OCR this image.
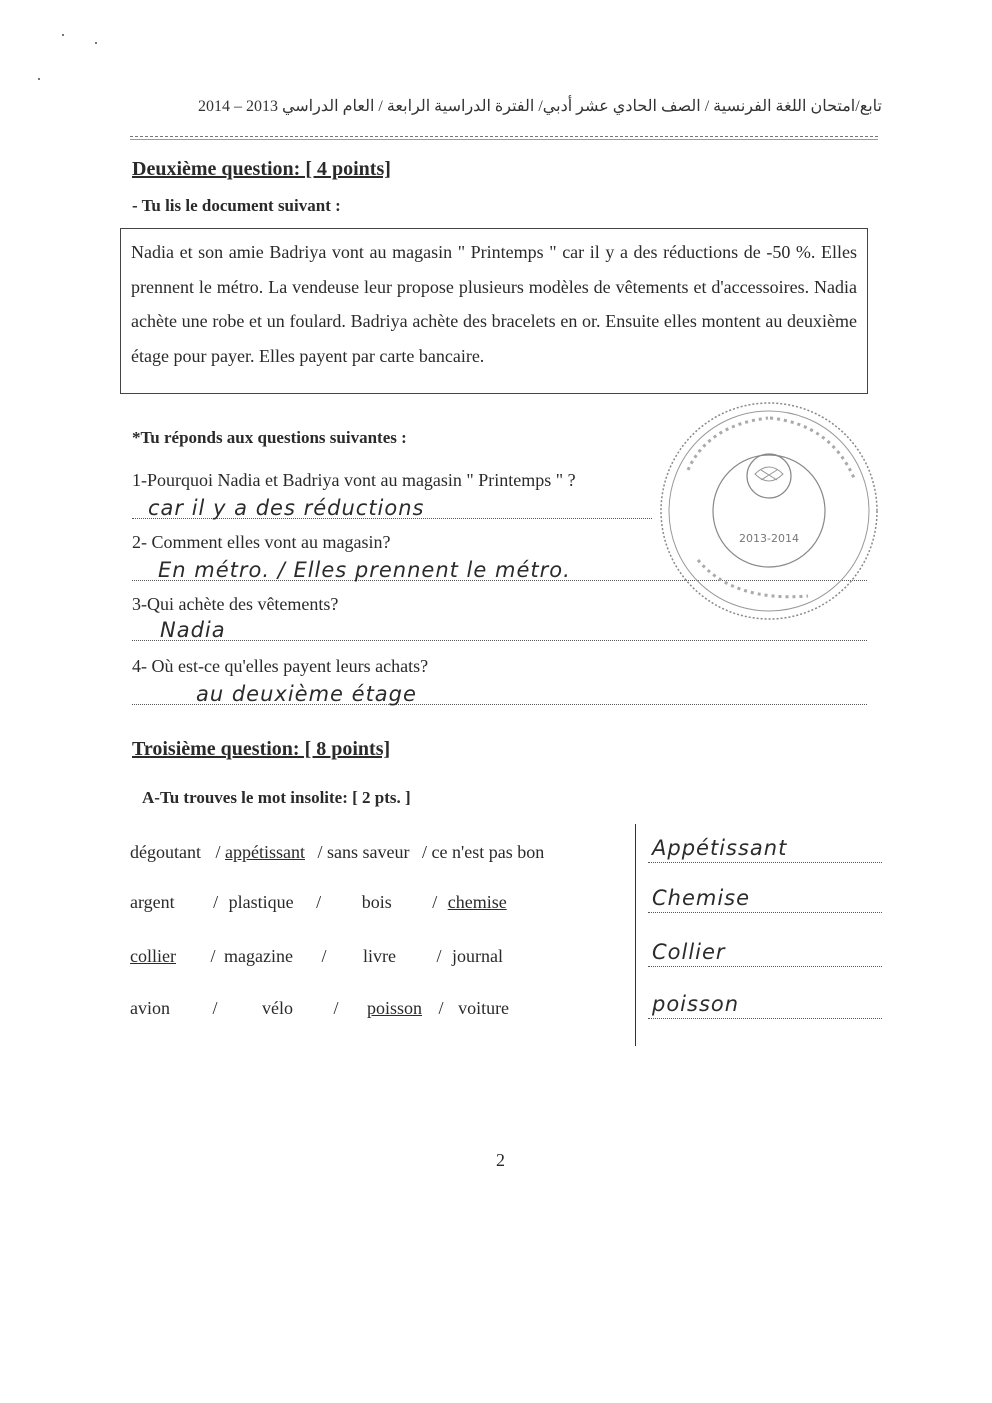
تابع/امتحان اللغة الفرنسية / الصف الحادي عشر أدبي/ الفترة الدراسية الرابعة / العام الدراسي 2013 – 2014
Deuxième question: [ 4 points]
- Tu lis le document suivant :
Nadia et son amie Badriya vont au magasin " Printemps " car il y a des réductions de -50 %. Elles prennent le métro. La vendeuse leur propose plusieurs modèles de vêtements et d'accessoires. Nadia achète une robe et un foulard. Badriya achète des bracelets en or. Ensuite elles montent au deuxième étage pour payer. Elles payent par carte bancaire.
*Tu réponds aux questions suivantes :
1-Pourquoi Nadia et Badriya vont au magasin " Printemps " ?
car il y a des réductions
2- Comment elles vont au magasin?
En métro. / Elles prennent le métro.
3-Qui achète des vêtements?
Nadia
4- Où est-ce qu'elles payent leurs achats?
au deuxième étage
2013-2014
Troisième question: [ 8 points]
A-Tu trouves le mot insolite: [ 2 pts. ]
dégoutant / appétissant / sans saveur / ce n'est pas bon	Appétissant
argent / plastique / bois / chemise	Chemise
collier / magazine / livre / journal	Collier
avion / vélo / poisson / voiture	poisson
2
